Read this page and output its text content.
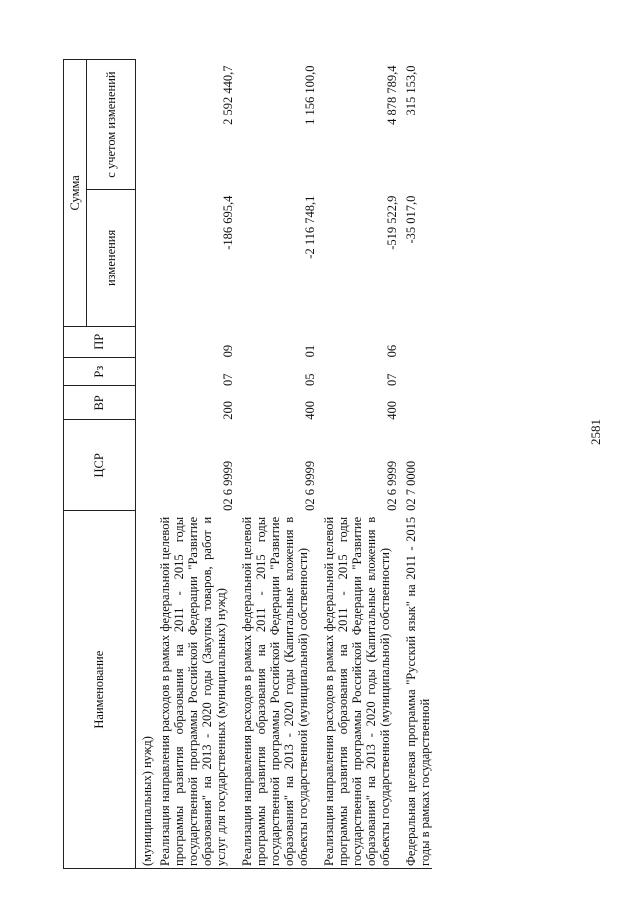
2581
Наименование	ЦСР	ВР	Рз	ПР	Сумма	
					изменения	с учетом изменений
(муниципальных) нужд)						
Реализация направления расходов в рамках федеральной целевой программы развития образования на 2011 - 2015 годы государственной программы Российской Федерации "Развитие образования" на 2013 - 2020 годы (Закупка товаров, работ и услуг для государственных (муниципальных) нужд)	02 6 9999	200	07	09	-186 695,4	2 592 440,7
Реализация направления расходов в рамках федеральной целевой программы развития образования на 2011 - 2015 годы государственной программы Российской Федерации "Развитие образования" на 2013 - 2020 годы (Капитальные вложения в объекты государственной (муниципальной) собственности)	02 6 9999	400	05	01	-2 116 748,1	1 156 100,0
Реализация направления расходов в рамках федеральной целевой программы развития образования на 2011 - 2015 годы государственной программы Российской Федерации "Развитие образования" на 2013 - 2020 годы (Капитальные вложения в объекты государственной (муниципальной) собственности)	02 6 9999	400	07	06	-519 522,9	4 878 789,4
Федеральная целевая программа "Русский язык" на 2011 - 2015 годы в рамках государственной	02 7 0000				-35 017,0	315 153,0
